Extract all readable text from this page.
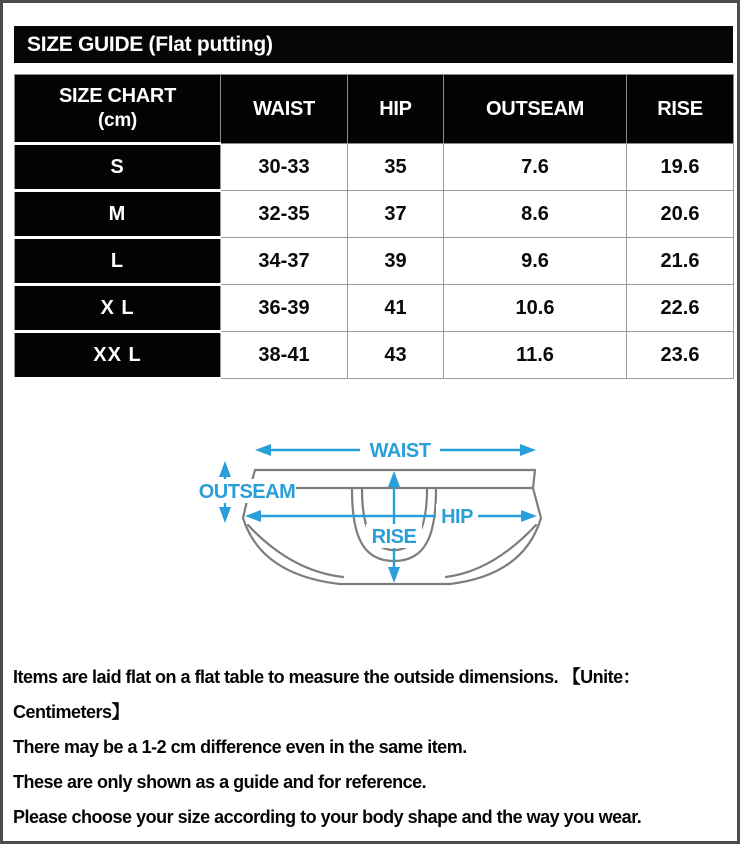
SIZE GUIDE (Flat putting)
SIZE CHART
(cm)	WAIST	HIP	OUTSEAM	RISE
S	30-33	35	7.6	19.6
M	32-35	37	8.6	20.6
L	34-37	39	9.6	21.6
X L	36-39	41	10.6	22.6
XX L	38-41	43	11.6	23.6
WAIST
OUTSEAM
HIP
RISE
Items are laid flat on a flat table to measure the outside dimensions. 【Unite：
Centimeters】
There may be a 1-2 cm difference even in the same item.
These are only shown as a guide and for reference.
Please choose your size according to your body shape and the way you wear.
